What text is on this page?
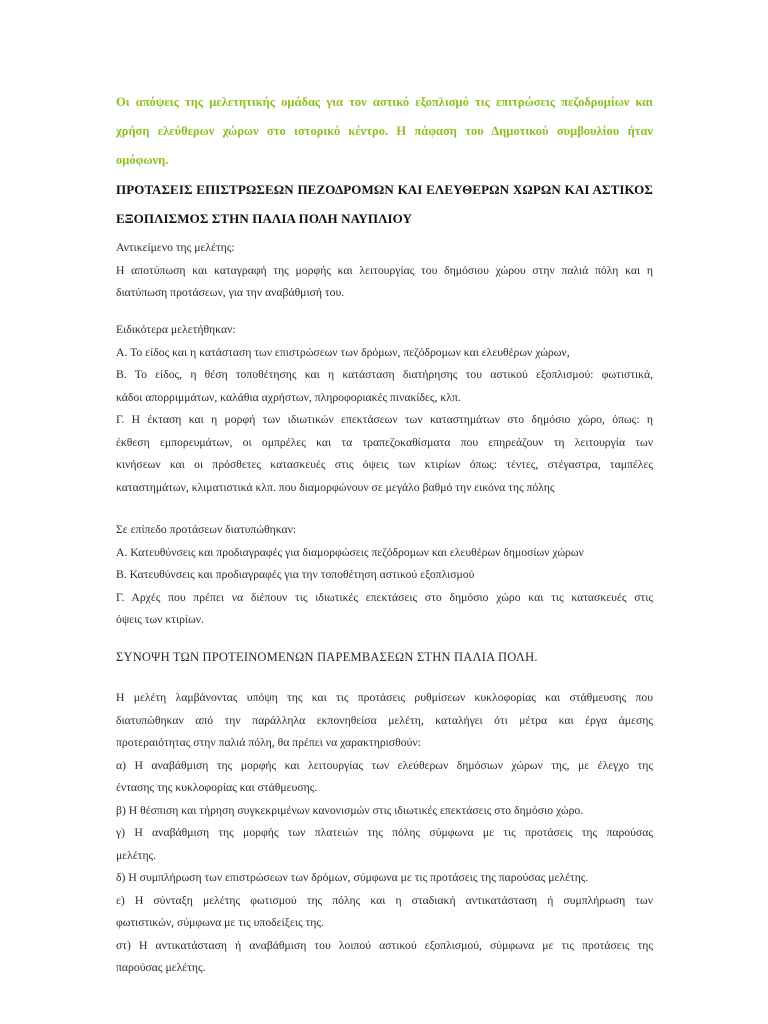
Οι απόψεις της μελετητικής ομάδας για τον αστικό εξοπλισμό τις επιτρώσεις πεζοδρομίων και
χρήση ελεύθερων χώρων στο ιστορικό κέντρο. Η πάφαση του Δημοτικού συμβουλίου ήταν
ομόφωνη.
ΠΡΟΤΑΣΕΙΣ ΕΠΙΣΤΡΩΣΕΩΝ ΠΕΖΟΔΡΟΜΩΝ ΚΑΙ ΕΛΕΥΘΕΡΩΝ ΧΩΡΩΝ ΚΑΙ ΑΣΤΙΚΟΣ
ΕΞΟΠΛΙΣΜΟΣ ΣΤΗΝ ΠΑΛΙΑ ΠΟΛΗ ΝΑΥΠΛΙΟΥ
Αντικείμενο της μελέτης:
Η αποτύπωση και καταγραφή της μορφής και λειτουργίας του δημόσιου χώρου στην παλιά πόλη και η
διατύπωση προτάσεων, για την αναβάθμισή του.
Ειδικότερα μελετήθηκαν:
Α. Το είδος και η κατάσταση των επιστρώσεων των δρόμων, πεζόδρομων και ελευθέρων χώρων,
Β. Το είδος, η θέση τοποθέτησης και η κατάσταση διατήρησης του αστικού εξοπλισμού: φωτιστικά,
κάδοι απορριμμάτων, καλάθια αχρήστων, πληροφοριακές πινακίδες, κλπ.
Γ. Η έκταση και η μορφή των ιδιωτικών επεκτάσεων των καταστημάτων στο δημόσιο χώρο, όπως: η
έκθεση εμπορευμάτων, οι ομπρέλες και τα τραπεζοκαθίσματα που επηρεάζουν τη λειτουργία των
κινήσεων και οι πρόσθετες κατασκευές στις όψεις των κτιρίων όπως: τέντες, στέγαστρα, ταμπέλες
καταστημάτων, κλιματιστικά κλπ. που διαμορφώνουν σε μεγάλο βαθμό την εικόνα της πόλης
Σε επίπεδο προτάσεων διατυπώθηκαν:
Α. Κατευθύνσεις και προδιαγραφές για διαμορφώσεις πεζόδρομων και ελευθέρων δημοσίων χώρων
Β. Κατευθύνσεις και προδιαγραφές για την τοποθέτηση αστικού εξοπλισμού
Γ. Αρχές που πρέπει να διέπουν τις ιδιωτικές επεκτάσεις στο δημόσιο χώρο και τις κατασκευές στις
όψεις των κτιρίων.
ΣΥΝΟΨΗ ΤΩΝ ΠΡΟΤΕΙΝΟΜΕΝΩΝ ΠΑΡΕΜΒΑΣΕΩΝ ΣΤΗΝ ΠΑΛΙΑ ΠΟΛΗ.
Η μελέτη λαμβάνοντας υπόψη της και τις προτάσεις ρυθμίσεων κυκλοφορίας και στάθμευσης που
διατυπώθηκαν από την παράλληλα εκπονηθείσα μελέτη, καταλήγει ότι μέτρα και έργα άμεσης
προτεραιότητας στην παλιά πόλη, θα πρέπει να χαρακτηρισθούν:
α) Η αναβάθμιση της μορφής και λειτουργίας των ελεύθερων δημόσιων χώρων της, με έλεγχο της
έντασης της κυκλοφορίας και στάθμευσης.
β) Η θέσπιση και τήρηση συγκεκριμένων κανονισμών στις ιδιωτικές επεκτάσεις στο δημόσιο χώρο.
γ) Η αναβάθμιση της μορφής των πλατειών της πόλης σύμφωνα με τις προτάσεις της παρούσας
μελέτης.
δ) Η συμπλήρωση των επιστρώσεων των δρόμων, σύμφωνα με τις προτάσεις της παρούσας μελέτης.
ε) Η σύνταξη μελέτης φωτισμού της πόλης και η σταδιακή αντικατάσταση ή συμπλήρωση των
φωτιστικών, σύμφωνα με τις υποδείξεις της.
στ) Η αντικατάσταση ή αναβάθμιση του λοιπού αστικού εξοπλισμού, σύμφωνα με τις προτάσεις της
παρούσας μελέτης.
